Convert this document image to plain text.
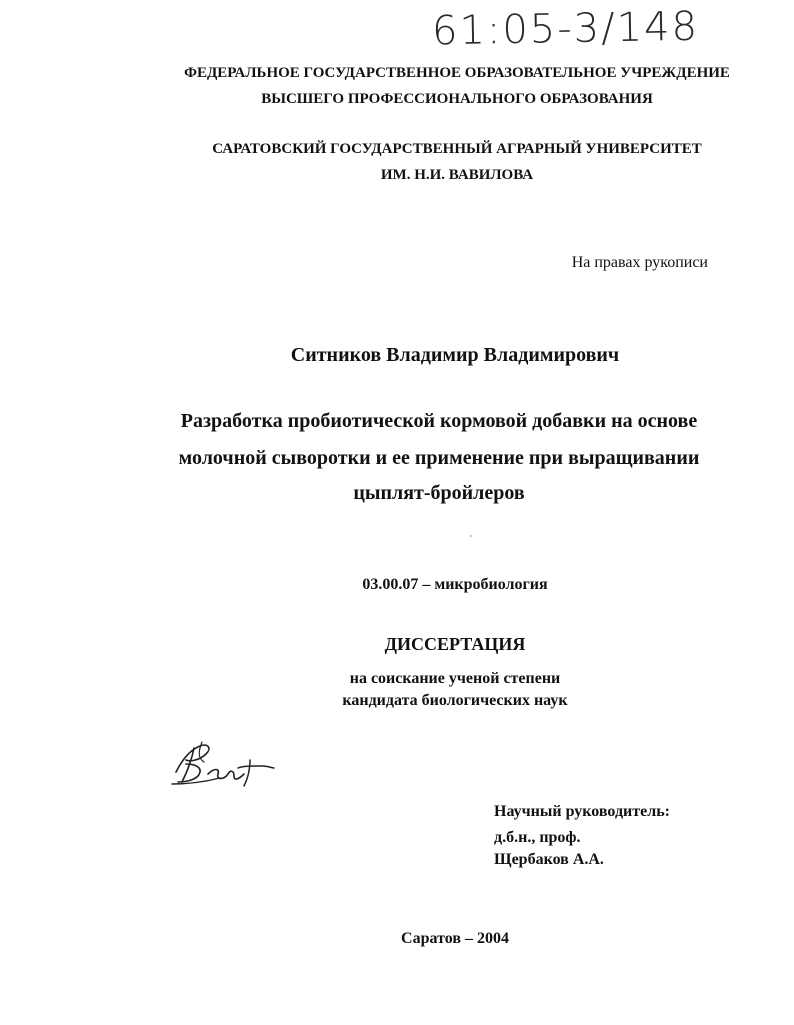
61:05-3/148
ФЕДЕРАЛЬНОЕ ГОСУДАРСТВЕННОЕ ОБРАЗОВАТЕЛЬНОЕ УЧРЕЖДЕНИЕ
ВЫСШЕГО ПРОФЕССИОНАЛЬНОГО ОБРАЗОВАНИЯ
САРАТОВСКИЙ ГОСУДАРСТВЕННЫЙ АГРАРНЫЙ УНИВЕРСИТЕТ
ИМ. Н.И. ВАВИЛОВА
На правах рукописи
Ситников Владимир Владимирович
Разработка пробиотической кормовой добавки на основе
молочной сыворотки и ее применение при выращивании
цыплят-бройлеров
03.00.07 – микробиология
ДИССЕРТАЦИЯ
на соискание ученой степени
кандидата биологических наук
Научный руководитель:
д.б.н., проф.
Щербаков А.А.
Саратов – 2004
